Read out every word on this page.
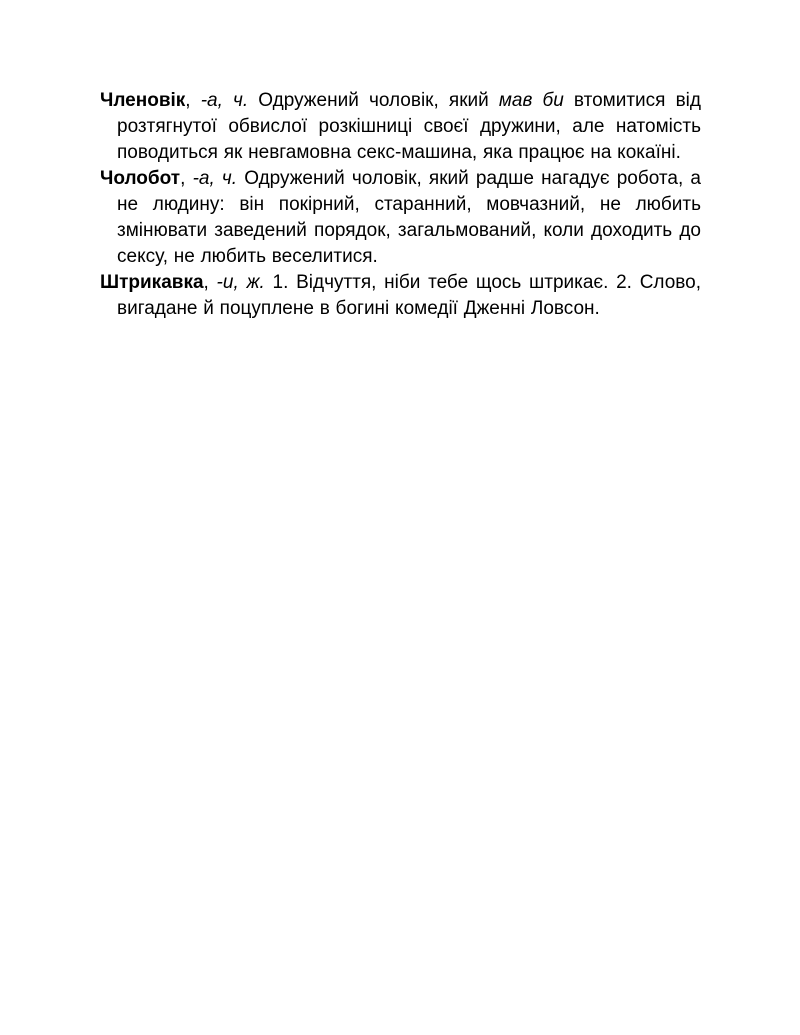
Членовік, -а, ч. Одружений чоловік, який мав би втомитися від розтягнутої обвислої розкішниці своєї дружини, але натомість поводиться як невгамовна секс-машина, яка працює на кокаїні.

Чолобот, -а, ч. Одружений чоловік, який радше нагадує робота, а не людину: він покірний, старанний, мовчазний, не любить змінювати заведений порядок, загальмований, коли доходить до сексу, не любить веселитися.

Штрикавка, -и, ж. 1. Відчуття, ніби тебе щось штрикає. 2. Слово, вигадане й поцуплене в богині комедії Дженні Ловсон.
